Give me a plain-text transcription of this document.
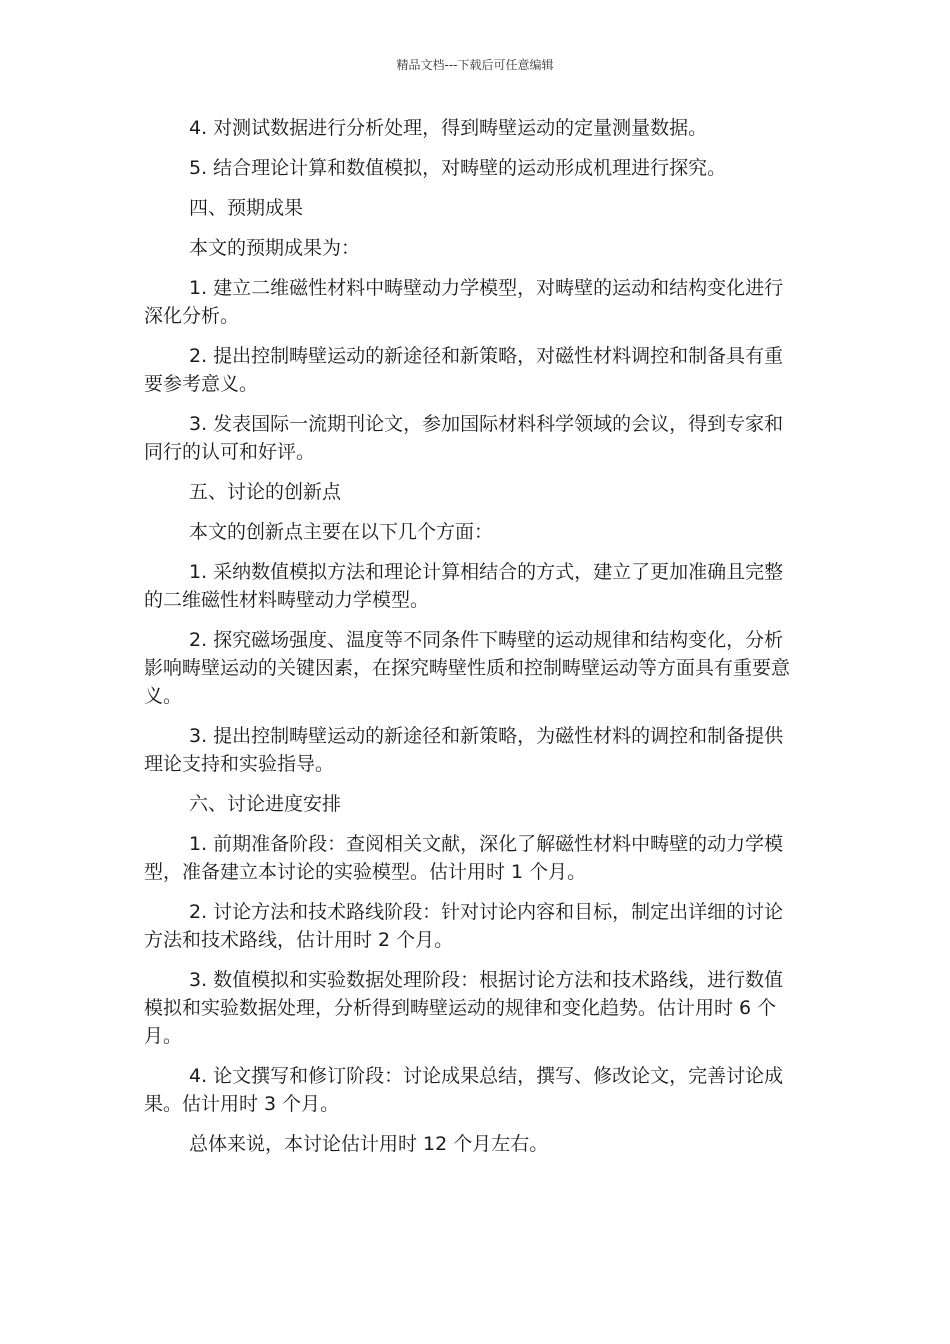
精品文档---下载后可任意编辑

4. 对测试数据进行分析处理，得到畴壁运动的定量测量数据。

5. 结合理论计算和数值模拟，对畴壁的运动形成机理进行探究。

四、预期成果

本文的预期成果为：

1. 建立二维磁性材料中畴壁动力学模型，对畴壁的运动和结构变化进行深化分析。

2. 提出控制畴壁运动的新途径和新策略，对磁性材料调控和制备具有重要参考意义。

3. 发表国际一流期刊论文，参加国际材料科学领域的会议，得到专家和同行的认可和好评。

五、讨论的创新点

本文的创新点主要在以下几个方面：

1. 采纳数值模拟方法和理论计算相结合的方式，建立了更加准确且完整的二维磁性材料畴壁动力学模型。

2. 探究磁场强度、温度等不同条件下畴壁的运动规律和结构变化，分析影响畴壁运动的关键因素，在探究畴壁性质和控制畴壁运动等方面具有重要意义。

3. 提出控制畴壁运动的新途径和新策略，为磁性材料的调控和制备提供理论支持和实验指导。

六、讨论进度安排

1. 前期准备阶段：查阅相关文献，深化了解磁性材料中畴壁的动力学模型，准备建立本讨论的实验模型。估计用时 1 个月。

2. 讨论方法和技术路线阶段：针对讨论内容和目标，制定出详细的讨论方法和技术路线，估计用时 2 个月。

3. 数值模拟和实验数据处理阶段：根据讨论方法和技术路线，进行数值模拟和实验数据处理，分析得到畴壁运动的规律和变化趋势。估计用时 6 个月。

4. 论文撰写和修订阶段：讨论成果总结，撰写、修改论文，完善讨论成果。估计用时 3 个月。

总体来说，本讨论估计用时 12 个月左右。
